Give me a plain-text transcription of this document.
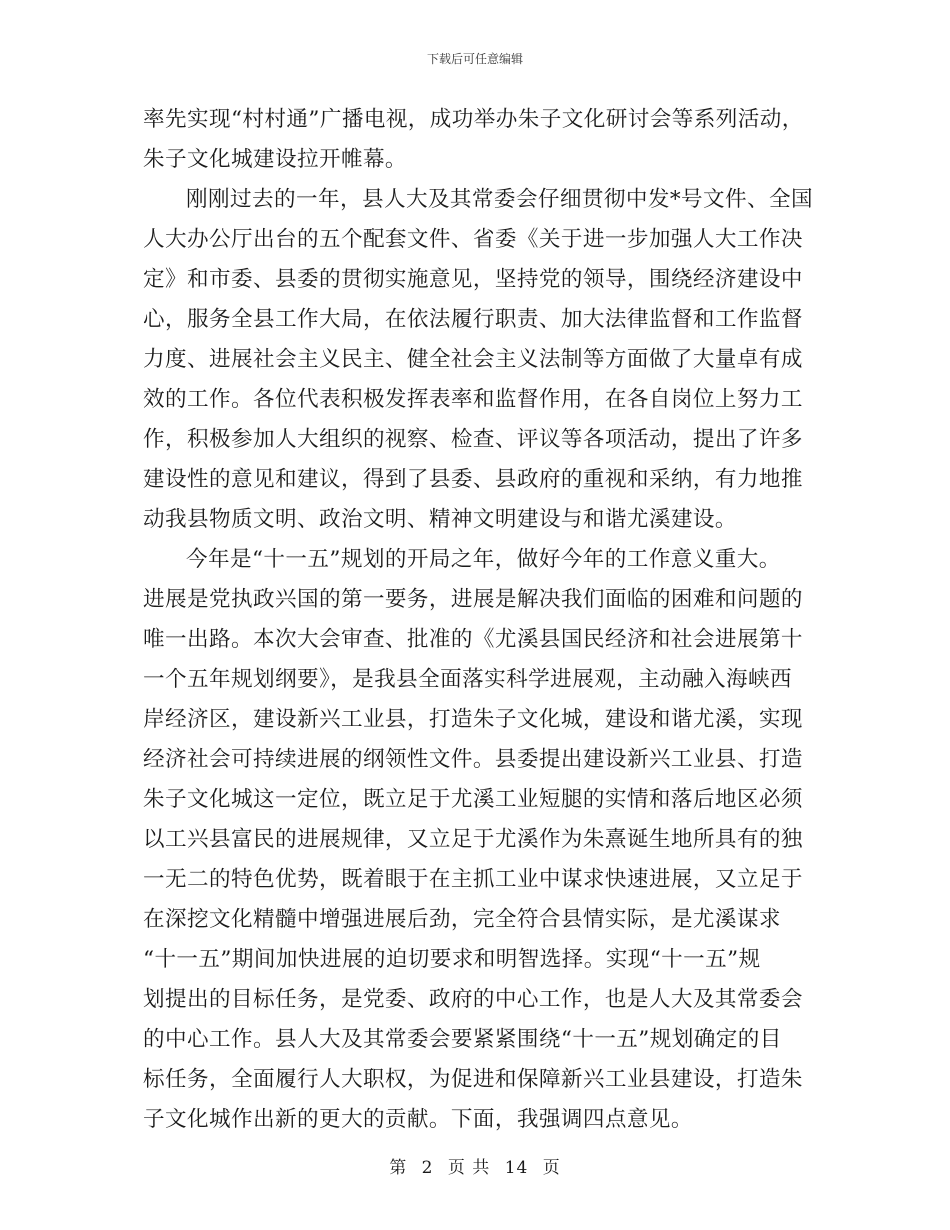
下载后可任意编辑
率先实现“村村通”广播电视，成功举办朱子文化研讨会等系列活动，
朱子文化城建设拉开帷幕。
刚刚过去的一年，县人大及其常委会仔细贯彻中发*号文件、全国
人大办公厅出台的五个配套文件、省委《关于进一步加强人大工作决
定》和市委、县委的贯彻实施意见，坚持党的领导，围绕经济建设中
心，服务全县工作大局，在依法履行职责、加大法律监督和工作监督
力度、进展社会主义民主、健全社会主义法制等方面做了大量卓有成
效的工作。各位代表积极发挥表率和监督作用，在各自岗位上努力工
作，积极参加人大组织的视察、检查、评议等各项活动，提出了许多
建设性的意见和建议，得到了县委、县政府的重视和采纳，有力地推
动我县物质文明、政治文明、精神文明建设与和谐尤溪建设。
今年是“十一五”规划的开局之年，做好今年的工作意义重大。
进展是党执政兴国的第一要务，进展是解决我们面临的困难和问题的
唯一出路。本次大会审查、批准的《尤溪县国民经济和社会进展第十
一个五年规划纲要》，是我县全面落实科学进展观，主动融入海峡西
岸经济区，建设新兴工业县，打造朱子文化城，建设和谐尤溪，实现
经济社会可持续进展的纲领性文件。县委提出建设新兴工业县、打造
朱子文化城这一定位，既立足于尤溪工业短腿的实情和落后地区必须
以工兴县富民的进展规律，又立足于尤溪作为朱熹诞生地所具有的独
一无二的特色优势，既着眼于在主抓工业中谋求快速进展，又立足于
在深挖文化精髓中增强进展后劲，完全符合县情实际，是尤溪谋求
“十一五”期间加快进展的迫切要求和明智选择。实现“十一五”规
划提出的目标任务，是党委、政府的中心工作，也是人大及其常委会
的中心工作。县人大及其常委会要紧紧围绕“十一五”规划确定的目
标任务，全面履行人大职权，为促进和保障新兴工业县建设，打造朱
子文化城作出新的更大的贡献。下面，我强调四点意见。
第 2 页 共 14 页
